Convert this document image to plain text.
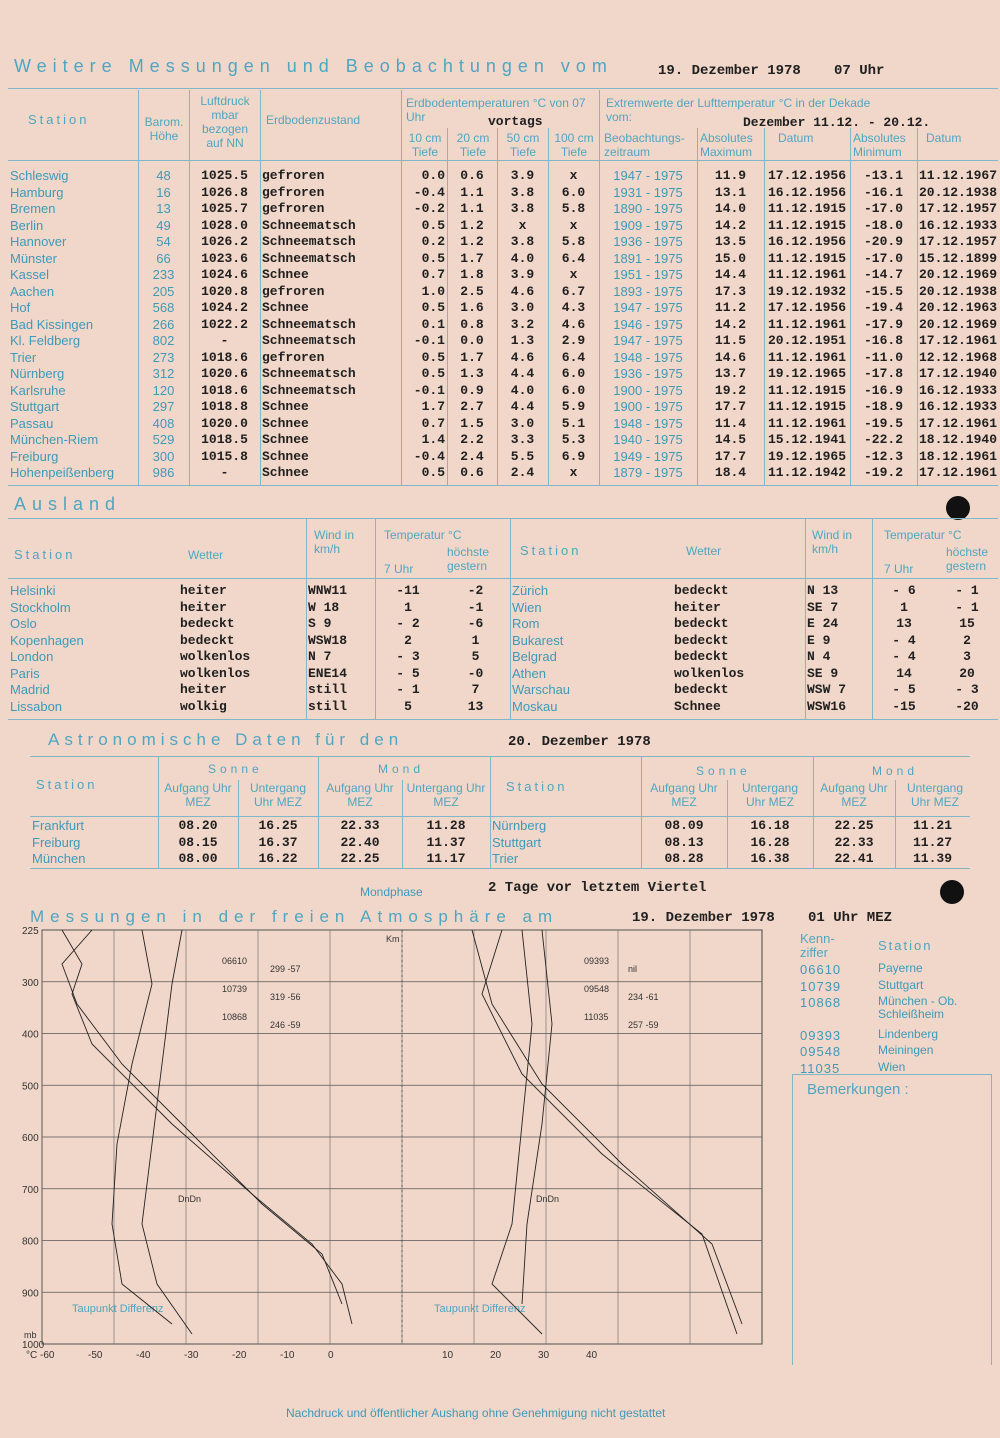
Weitere Messungen und Beobachtungen vom	19. Dezember 1978 07 Uhr
Station	Barom. Höhe
Luftdruck mbar bezogen auf NN
Erdbodenzustand
Erdbodentemperaturen °C von 07 Uhr	vortags
10 cm Tiefe
20 cm Tiefe
50 cm Tiefe
100 cm Tiefe
Extremwerte der Lufttemperatur °C in der Dekade vom:	Dezember 11.12. - 20.12.
Beobachtungs-zeitraum
Absolutes Maximum
Datum	Absolutes Minimum
Datum
Schleswig	48	1025.5	gefroren	0.0	0.6	3.9	x	1947 - 1975	11.9	17.12.1956	-13.1	11.12.1967
Hamburg	16	1026.8	gefroren	-0.4	1.1	3.8	6.0	1931 - 1975	13.1	16.12.1956	-16.1	20.12.1938
Bremen	13	1025.7	gefroren	-0.2	1.1	3.8	5.8	1890 - 1975	14.0	11.12.1915	-17.0	17.12.1957
Berlin	49	1028.0	Schneematsch	0.5	1.2	x	x	1909 - 1975	14.2	11.12.1915	-18.0	16.12.1933
Hannover	54	1026.2	Schneematsch	0.2	1.2	3.8	5.8	1936 - 1975	13.5	16.12.1956	-20.9	17.12.1957
Münster	66	1023.6	Schneematsch	0.5	1.7	4.0	6.4	1891 - 1975	15.0	11.12.1915	-17.0	15.12.1899
Kassel	233	1024.6	Schnee	0.7	1.8	3.9	x	1951 - 1975	14.4	11.12.1961	-14.7	20.12.1969
Aachen	205	1020.8	gefroren	1.0	2.5	4.6	6.7	1893 - 1975	17.3	19.12.1932	-15.5	20.12.1938
Hof	568	1024.2	Schnee	0.5	1.6	3.0	4.3	1947 - 1975	11.2	17.12.1956	-19.4	20.12.1963
Bad Kissingen	266	1022.2	Schneematsch	0.1	0.8	3.2	4.6	1946 - 1975	14.2	11.12.1961	-17.9	20.12.1969
Kl. Feldberg	802	-	Schneematsch	-0.1	0.0	1.3	2.9	1947 - 1975	11.5	20.12.1951	-16.8	17.12.1961
Trier	273	1018.6	gefroren	0.5	1.7	4.6	6.4	1948 - 1975	14.6	11.12.1961	-11.0	12.12.1968
Nürnberg	312	1020.6	Schneematsch	0.5	1.3	4.4	6.0	1936 - 1975	13.7	19.12.1965	-17.8	17.12.1940
Karlsruhe	120	1018.6	Schneematsch	-0.1	0.9	4.0	6.0	1900 - 1975	19.2	11.12.1915	-16.9	16.12.1933
Stuttgart	297	1018.8	Schnee	1.7	2.7	4.4	5.9	1900 - 1975	17.7	11.12.1915	-18.9	16.12.1933
Passau	408	1020.0	Schnee	0.7	1.5	3.0	5.1	1948 - 1975	11.4	11.12.1961	-19.5	17.12.1961
München-Riem	529	1018.5	Schnee	1.4	2.2	3.3	5.3	1940 - 1975	14.5	15.12.1941	-22.2	18.12.1940
Freiburg	300	1015.8	Schnee	-0.4	2.4	5.5	6.9	1949 - 1975	17.7	19.12.1965	-12.3	18.12.1961
Hohenpeißenberg	986	-	Schnee	0.5	0.6	2.4	x	1879 - 1975	18.4	11.12.1942	-19.2	17.12.1961
Ausland
Station	Wetter
Wind in km/h
Temperatur °C
7 Uhr
höchste gestern
Station	Wetter
Wind in km/h
Temperatur °C
7 Uhr
höchste gestern
Helsinki	heiter	WNW11	-11	-2	Zürich	bedeckt	N 13	- 6	- 1
Stockholm	heiter	W 18	1	-1	Wien	heiter	SE 7	1	- 1
Oslo	bedeckt	S 9	- 2	-6	Rom	bedeckt	E 24	13	15
Kopenhagen	bedeckt	WSW18	2	1	Bukarest	bedeckt	E 9	- 4	2
London	wolkenlos	N 7	- 3	5	Belgrad	bedeckt	N 4	- 4	3
Paris	wolkenlos	ENE14	- 5	-0	Athen	wolkenlos	SE 9	14	20
Madrid	heiter	still	- 1	7	Warschau	bedeckt	WSW 7	- 5	- 3
Lissabon	wolkig	still	5	13	Moskau	Schnee	WSW16	-15	-20
Astronomische Daten für den	20. Dezember 1978
Station
Sonne	Mond
Aufgang Uhr MEZ
Untergang Uhr MEZ
Aufgang Uhr MEZ
Untergang Uhr MEZ
Station
Sonne	Mond
Aufgang Uhr MEZ
Untergang Uhr MEZ
Aufgang Uhr MEZ
Untergang Uhr MEZ
Frankfurt	08.20	16.25	22.33	11.28	Nürnberg	08.09	16.18	22.25	11.21
Freiburg	08.15	16.37	22.40	11.37	Stuttgart	08.13	16.28	22.33	11.27
München	08.00	16.22	22.25	11.17	Trier	08.28	16.38	22.41	11.39
Mondphase	2 Tage vor letztem Viertel
Messungen in der freien Atmosphäre am	19. Dezember 1978 01 Uhr MEZ
225
300
400
500
600
700
800
900
1000
-60	-50	-40	-30	-20	-10	0	10	20	30	40
°C
mb
Km
Taupunkt Differenz	Taupunkt Differenz
DnDn	DnDn
06610
299 -57
10739
319 -56
10868
246 -59
09393
nil
09548
234 -61
11035
257 -59
Kenn-ziffer	Station
06610	Payerne
10739	Stuttgart
10868	München - Ob. Schleißheim
09393	Lindenberg
09548	Meiningen
11035	Wien
Bemerkungen :
Nachdruck und öffentlicher Aushang ohne Genehmigung nicht gestattet
